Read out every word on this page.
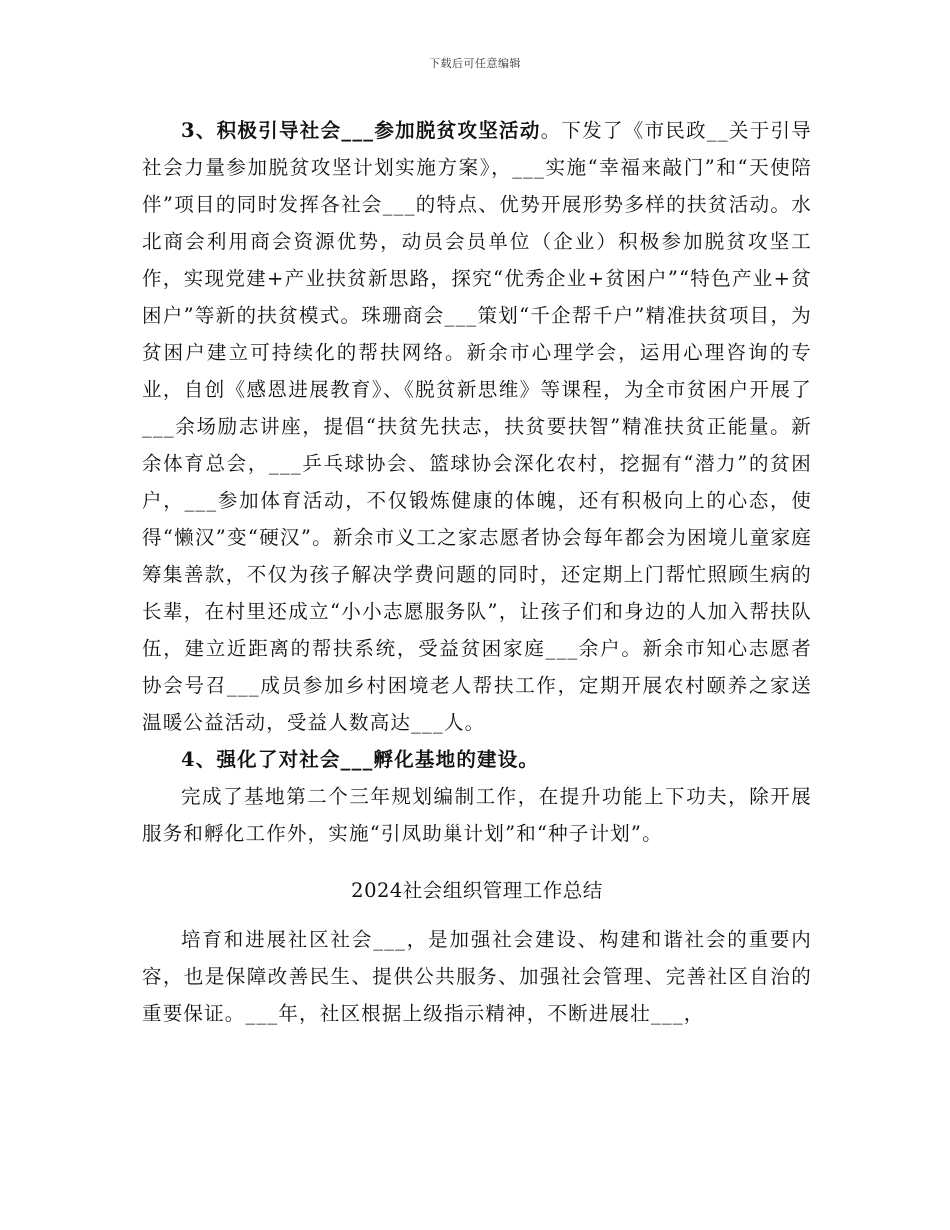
下载后可任意编辑

3、积极引导社会___参加脱贫攻坚活动。下发了《市民政__关于引导社会力量参加脱贫攻坚计划实施方案》，___实施“幸福来敲门”和“天使陪伴”项目的同时发挥各社会___的特点、优势开展形势多样的扶贫活动。水北商会利用商会资源优势，动员会员单位（企业）积极参加脱贫攻坚工作，实现党建+产业扶贫新思路，探究“优秀企业+贫困户”“特色产业+贫困户”等新的扶贫模式。珠珊商会___策划“千企帮千户”精准扶贫项目，为贫困户建立可持续化的帮扶网络。新余市心理学会，运用心理咨询的专业，自创《感恩进展教育》、《脱贫新思维》等课程，为全市贫困户开展了___余场励志讲座，提倡“扶贫先扶志，扶贫要扶智”精准扶贫正能量。新余体育总会，___乒乓球协会、篮球协会深化农村，挖掘有“潜力”的贫困户，___参加体育活动，不仅锻炼健康的体魄，还有积极向上的心态，使得“懒汉”变“硬汉”。新余市义工之家志愿者协会每年都会为困境儿童家庭筹集善款，不仅为孩子解决学费问题的同时，还定期上门帮忙照顾生病的长辈，在村里还成立“小小志愿服务队”，让孩子们和身边的人加入帮扶队伍，建立近距离的帮扶系统，受益贫困家庭___余户。新余市知心志愿者协会号召___成员参加乡村困境老人帮扶工作，定期开展农村颐养之家送温暖公益活动，受益人数高达___人。

4、强化了对社会___孵化基地的建设。

完成了基地第二个三年规划编制工作，在提升功能上下功夫，除开展服务和孵化工作外，实施“引凤助巢计划”和“种子计划”。

2024社会组织管理工作总结

培育和进展社区社会___，是加强社会建设、构建和谐社会的重要内容，也是保障改善民生、提供公共服务、加强社会管理、完善社区自治的重要保证。___年，社区根据上级指示精神，不断进展壮___，
